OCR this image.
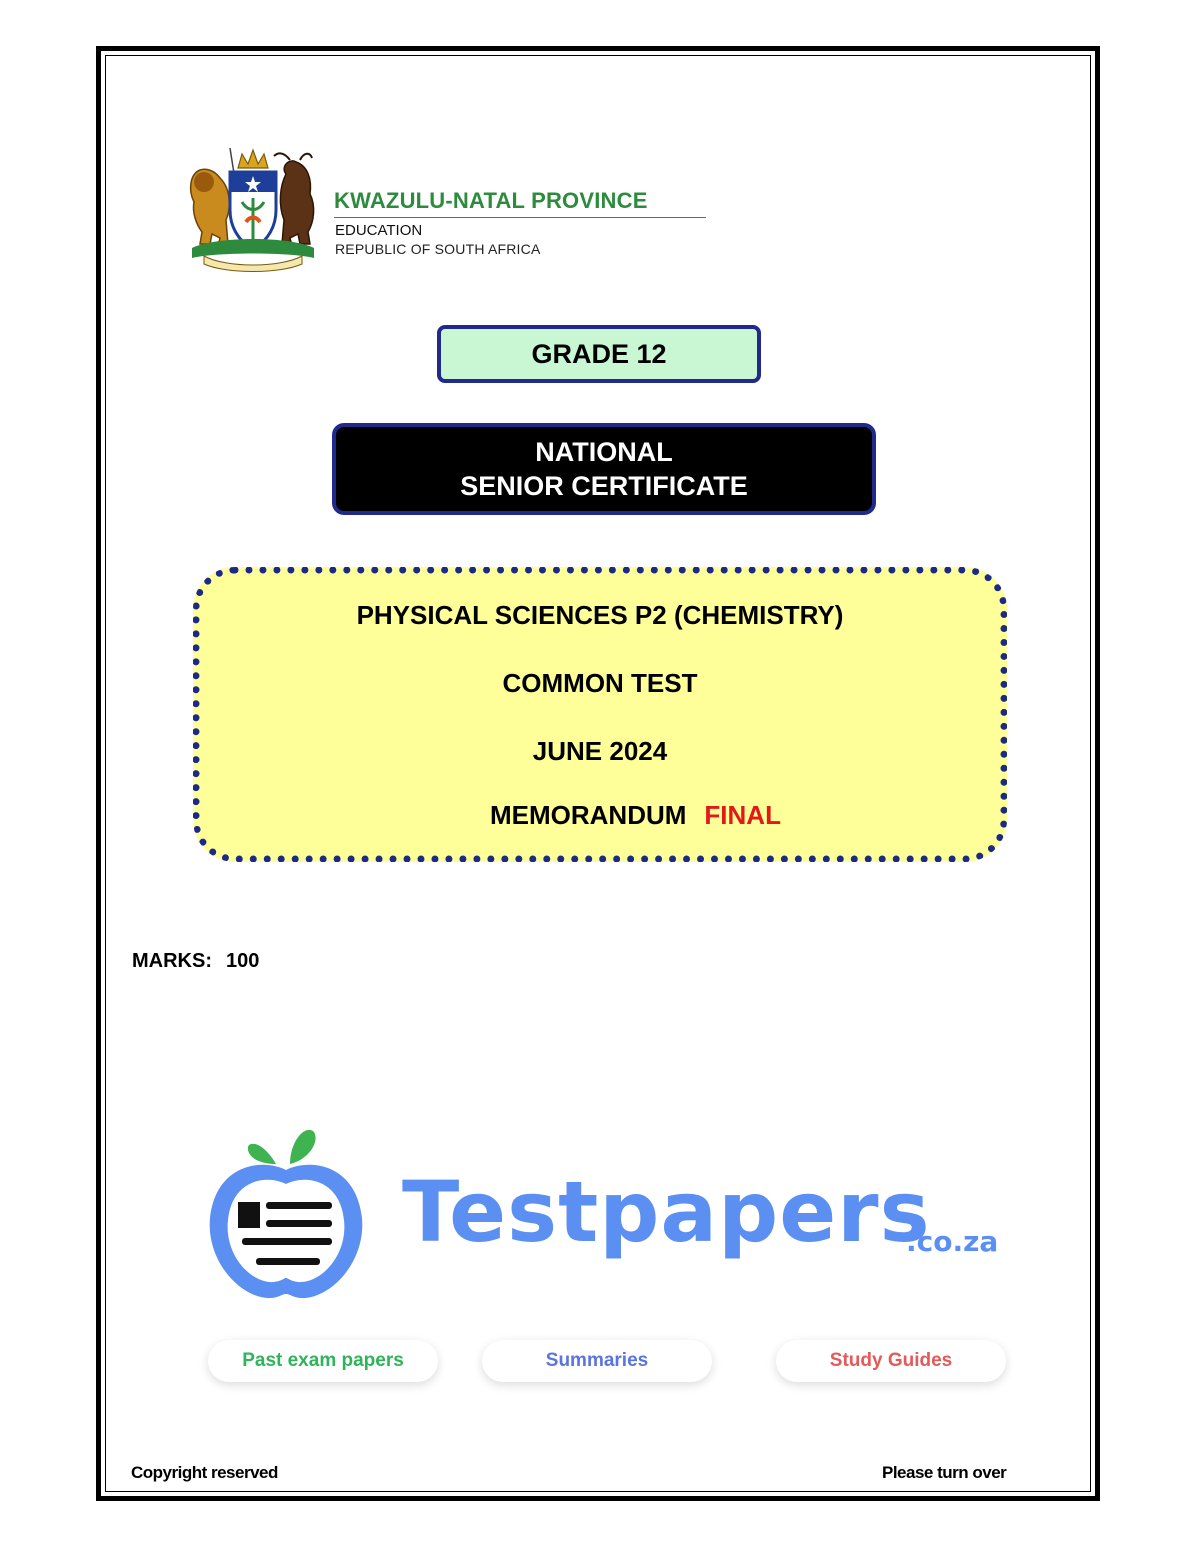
KWAZULU-NATAL PROVINCE
EDUCATION
REPUBLIC OF SOUTH AFRICA
GRADE 12
NATIONAL
SENIOR CERTIFICATE
PHYSICAL SCIENCES P2 (CHEMISTRY)
COMMON TEST
JUNE 2024
MEMORANDUM FINAL
MARKS: 100
Testpapers
.co.za
Past exam papers	Summaries	Study Guides
Copyright reserved	Please turn over
